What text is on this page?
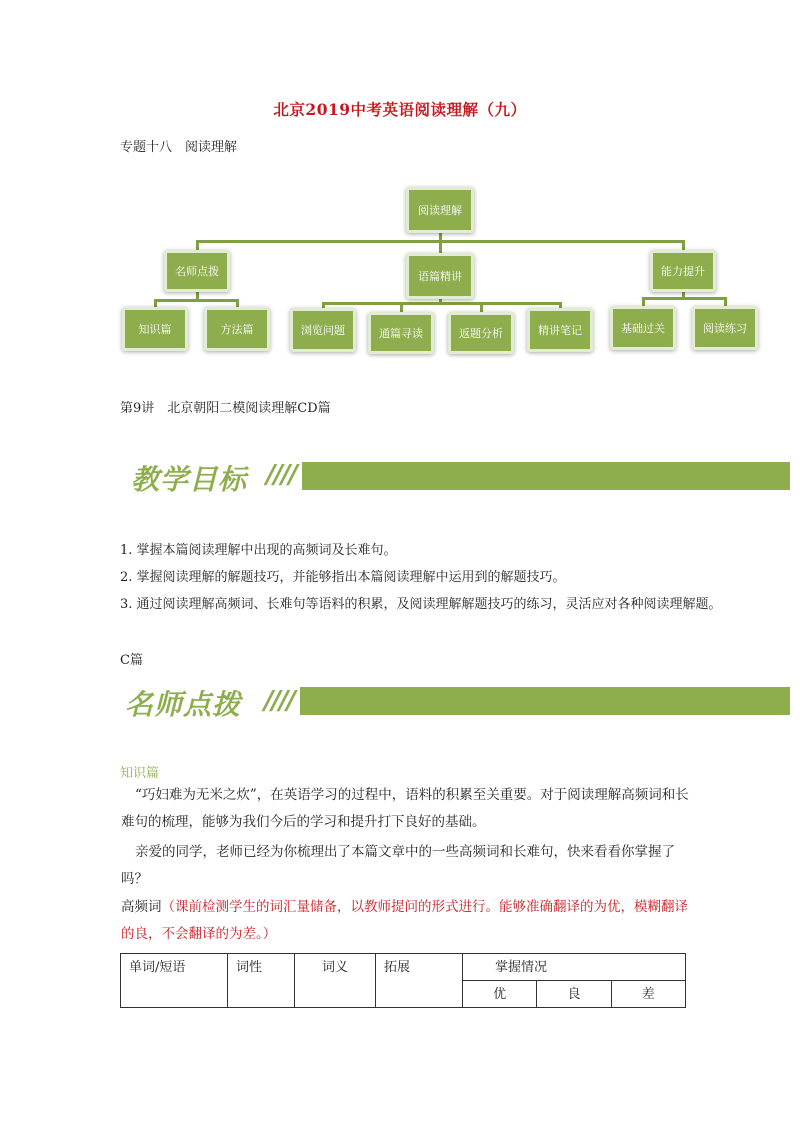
北京2019中考英语阅读理解（九）
专题十八　阅读理解
阅读理解
名师点拨	语篇精讲	能力提升
知识篇	方法篇	浏览问题	通篇寻读	返题分析	精讲笔记	基础过关	阅读练习
第9讲　北京朝阳二模阅读理解CD篇
教学目标 ////
1. 掌握本篇阅读理解中出现的高频词及长难句。
2. 掌握阅读理解的解题技巧，并能够指出本篇阅读理解中运用到的解题技巧。
3. 通过阅读理解高频词、长难句等语料的积累，及阅读理解解题技巧的练习，灵活应对各种阅读理解题。
C篇
名师点拨 ////
知识篇
“巧妇难为无米之炊”，在英语学习的过程中，语料的积累至关重要。对于阅读理解高频词和长难句的梳理，能够为我们今后的学习和提升打下良好的基础。
亲爱的同学，老师已经为你梳理出了本篇文章中的一些高频词和长难句，快来看看你掌握了吗？
高频词（课前检测学生的词汇量储备，以教师提问的形式进行。能够准确翻译的为优，模糊翻译的良，不会翻译的为差。）
单词/短语	词性	词义	拓展	掌握情况		
				优	良	差
